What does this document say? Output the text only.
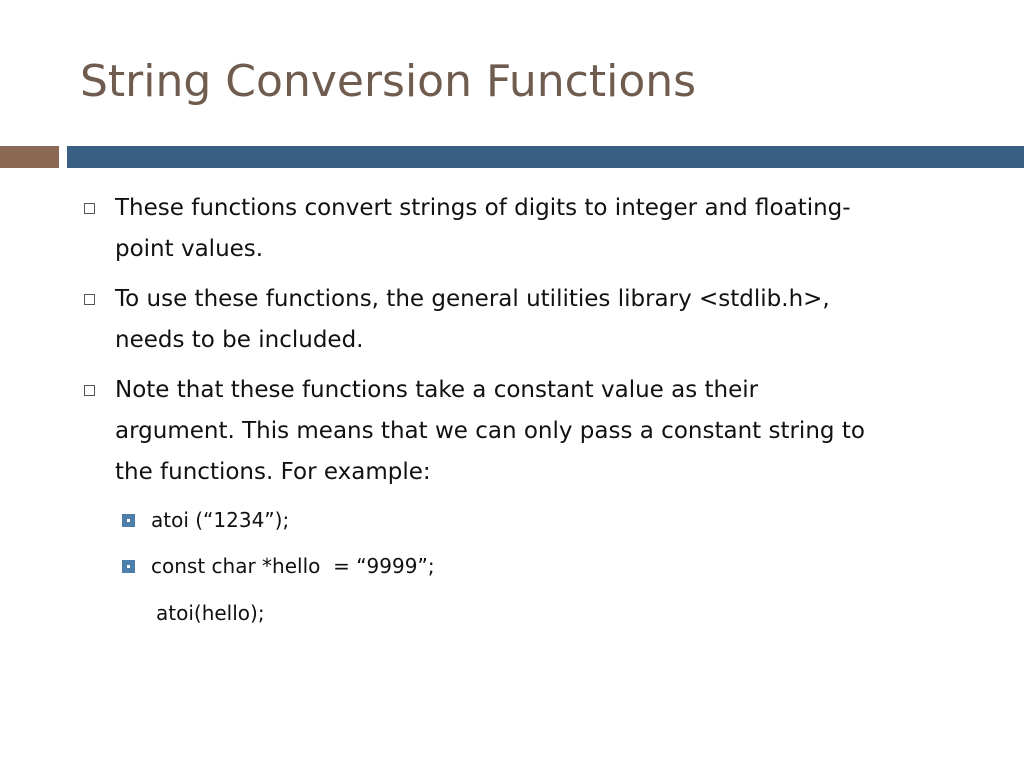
String Conversion Functions
These functions convert strings of digits to integer and floating-
point values.
To use these functions, the general utilities library <stdlib.h>,
needs to be included.
Note that these functions take a constant value as their
argument. This means that we can only pass a constant string to
the functions. For example:
atoi (“1234”);
const char *hello  = “9999”;
atoi(hello);
